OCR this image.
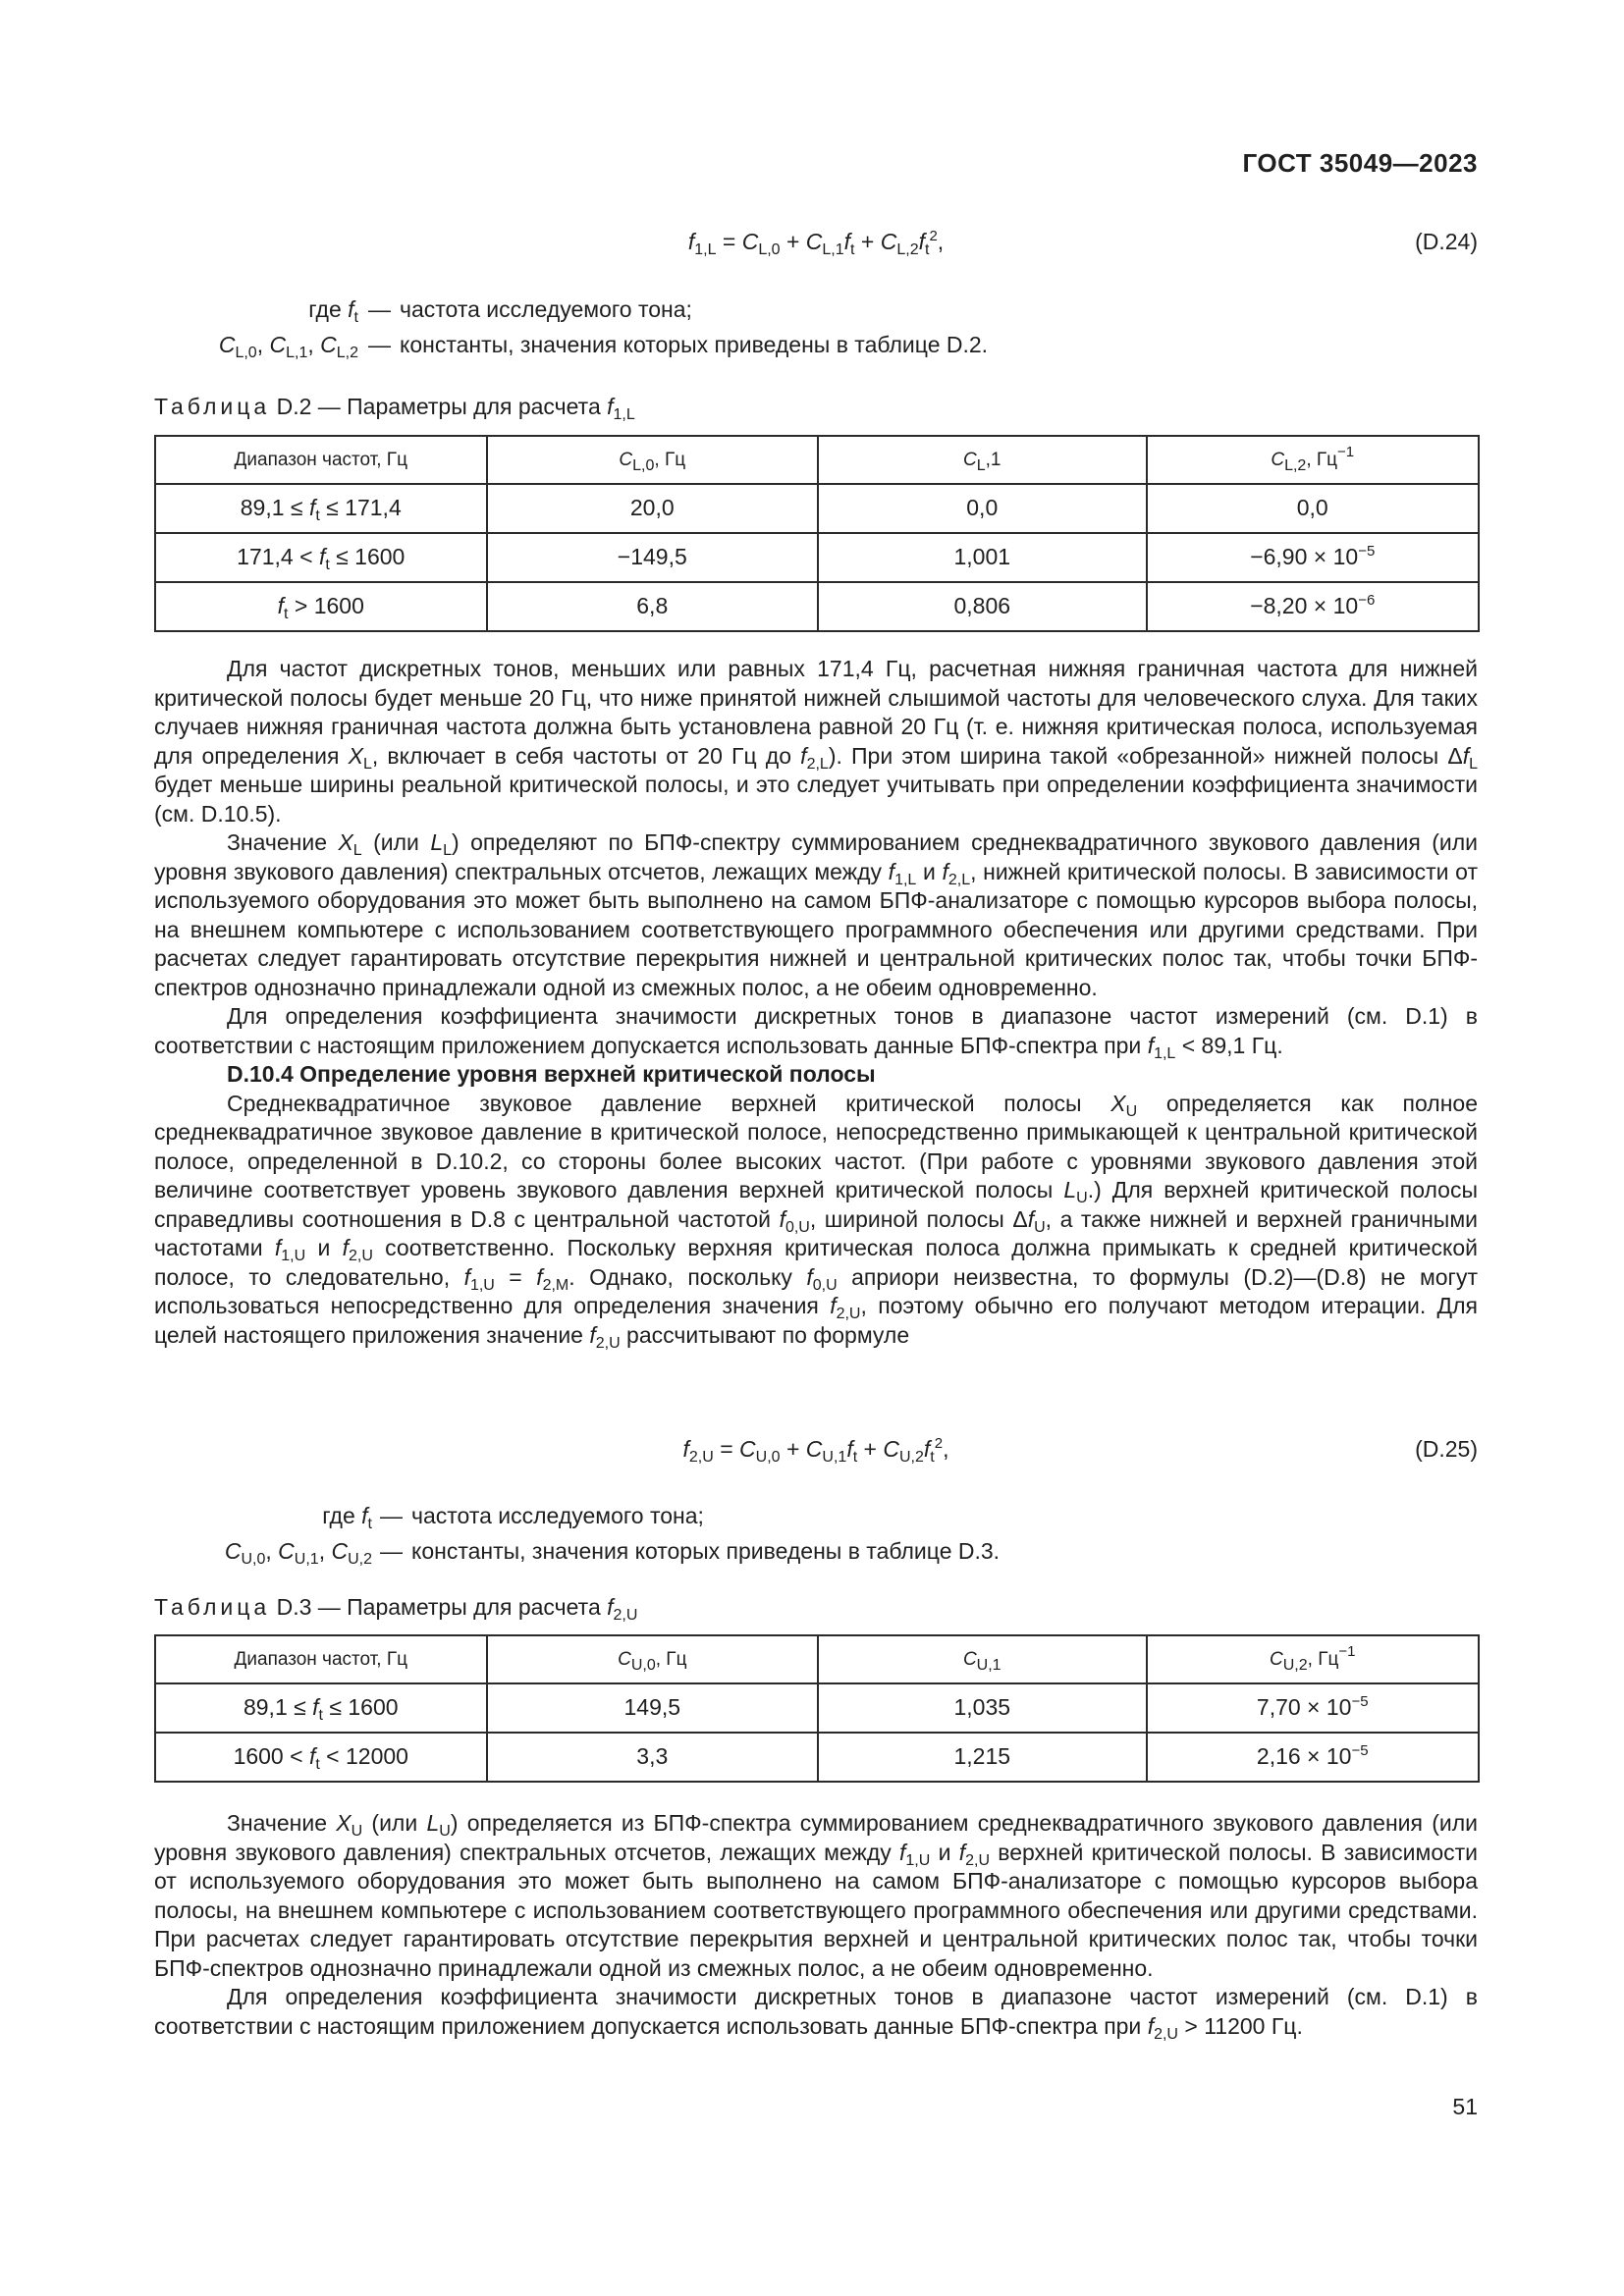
ГОСТ 35049—2023
$f_{1,L} = C_{L,0} + C_{L,1}f_t + C_{L,2}f_t^2$,	(D.24)
где $f_t$ — частота исследуемого тона;
$C_{L,0}$, $C_{L,1}$, $C_{L,2}$ — константы, значения которых приведены в таблице D.2.
Таблица D.2 — Параметры для расчета $f_{1,L}$
Диапазон частот, Гц	$C_{L,0}$, Гц	$C_L,1$	$C_{L,2}$, $Гц^{-1}$
$89,1 \le f_t \le 171,4$	20,0	0,0	0,0
$171,4 < f_t \le 1600$	−149,5	1,001	$-6,90 \times 10^{-5}$
$f_t > 1600$	6,8	0,806	$-8,20 \times 10^{-6}$

Для частот дискретных тонов, меньших или равных 171,4 Гц, расчетная нижняя граничная частота для нижней критической полосы будет меньше 20 Гц, что ниже принятой нижней слышимой частоты для человеческого слуха. Для таких случаев нижняя граничная частота должна быть установлена равной 20 Гц (т. е. нижняя критическая полоса, используемая для определения $X_L$, включает в себя частоты от 20 Гц до $f_{2,L}$). При этом ширина такой «обрезанной» нижней полосы $\Delta f_L$ будет меньше ширины реальной критической полосы, и это следует учитывать при определении коэффициента значимости (см. D.10.5).

Значение $X_L$ (или $L_L$) определяют по БПФ-спектру суммированием среднеквадратичного звукового давления (или уровня звукового давления) спектральных отсчетов, лежащих между $f_{1,L}$ и $f_{2,L}$, нижней критической полосы. В зависимости от используемого оборудования это может быть выполнено на самом БПФ-анализаторе с помощью курсоров выбора полосы, на внешнем компьютере с использованием соответствующего программного обеспечения или другими средствами. При расчетах следует гарантировать отсутствие перекрытия нижней и центральной критических полос так, чтобы точки БПФ-спектров однозначно принадлежали одной из смежных полос, а не обеим одновременно.

Для определения коэффициента значимости дискретных тонов в диапазоне частот измерений (см. D.1) в соответствии с настоящим приложением допускается использовать данные БПФ-спектра при $f_{1,L} < 89,1$ Гц.

D.10.4 Определение уровня верхней критической полосы

Среднеквадратичное звуковое давление верхней критической полосы $X_U$ определяется как полное среднеквадратичное звуковое давление в критической полосе, непосредственно примыкающей к центральной критической полосе, определенной в D.10.2, со стороны более высоких частот. (При работе с уровнями звукового давления этой величине соответствует уровень звукового давления верхней критической полосы $L_U$.) Для верхней критической полосы справедливы соотношения в D.8 с центральной частотой $f_{0,U}$, шириной полосы $\Delta f_U$, а также нижней и верхней граничными частотами $f_{1,U}$ и $f_{2,U}$ соответственно. Поскольку верхняя критическая полоса должна примыкать к средней критической полосе, то следовательно, $f_{1,U} = f_{2,M}$. Однако, поскольку $f_{0,U}$ априори неизвестна, то формулы (D.2)—(D.8) не могут использоваться непосредственно для определения значения $f_{2,U}$, поэтому обычно его получают методом итерации. Для целей настоящего приложения значение $f_{2,U}$ рассчитывают по формуле

$f_{2,U} = C_{U,0} + C_{U,1}f_t + C_{U,2}f_t^2$,	(D.25)
где $f_t$ — частота исследуемого тона;
$C_{U,0}$, $C_{U,1}$, $C_{U,2}$ — константы, значения которых приведены в таблице D.3.
Таблица D.3 — Параметры для расчета $f_{2,U}$
Диапазон частот, Гц	$C_{U,0}$, Гц	$C_{U,1}$	$C_{U,2}$, $Гц^{-1}$
$89,1 \le f_t \le 1600$	149,5	1,035	$7,70 \times 10^{-5}$
$1600 < f_t < 12000$	3,3	1,215	$2,16 \times 10^{-5}$

Значение $X_U$ (или $L_U$) определяется из БПФ-спектра суммированием среднеквадратичного звукового давления (или уровня звукового давления) спектральных отсчетов, лежащих между $f_{1,U}$ и $f_{2,U}$ верхней критической полосы. В зависимости от используемого оборудования это может быть выполнено на самом БПФ-анализаторе с помощью курсоров выбора полосы, на внешнем компьютере с использованием соответствующего программного обеспечения или другими средствами. При расчетах следует гарантировать отсутствие перекрытия верхней и центральной критических полос так, чтобы точки БПФ-спектров однозначно принадлежали одной из смежных полос, а не обеим одновременно.

Для определения коэффициента значимости дискретных тонов в диапазоне частот измерений (см. D.1) в соответствии с настоящим приложением допускается использовать данные БПФ-спектра при $f_{2,U} > 11200$ Гц.

51
